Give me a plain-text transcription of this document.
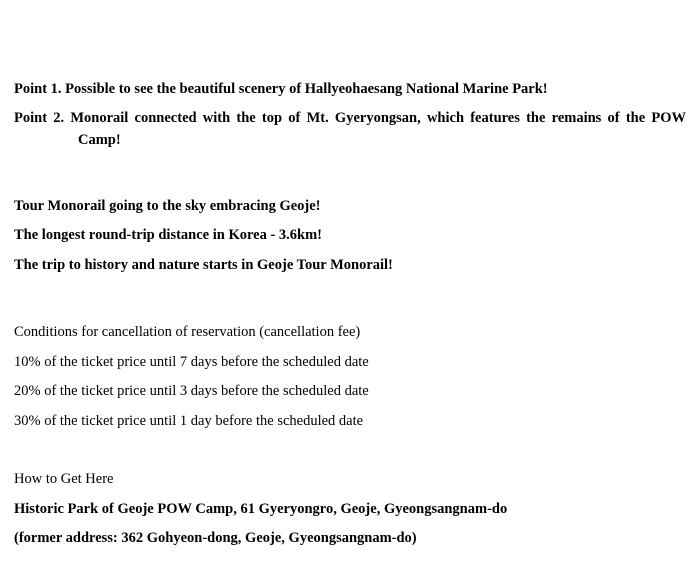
Point 1. Possible to see the beautiful scenery of Hallyeohaesang National Marine Park!
Point 2. Monorail connected with the top of Mt. Gyeryongsan, which features the remains of the POW
Camp!
Tour Monorail going to the sky embracing Geoje!
The longest round-trip distance in Korea - 3.6km!
The trip to history and nature starts in Geoje Tour Monorail!
Conditions for cancellation of reservation (cancellation fee)
10% of the ticket price until 7 days before the scheduled date
20% of the ticket price until 3 days before the scheduled date
30% of the ticket price until 1 day before the scheduled date
How to Get Here
Historic Park of Geoje POW Camp, 61 Gyeryongro, Geoje, Gyeongsangnam-do
(former address: 362 Gohyeon-dong, Geoje, Gyeongsangnam-do)
